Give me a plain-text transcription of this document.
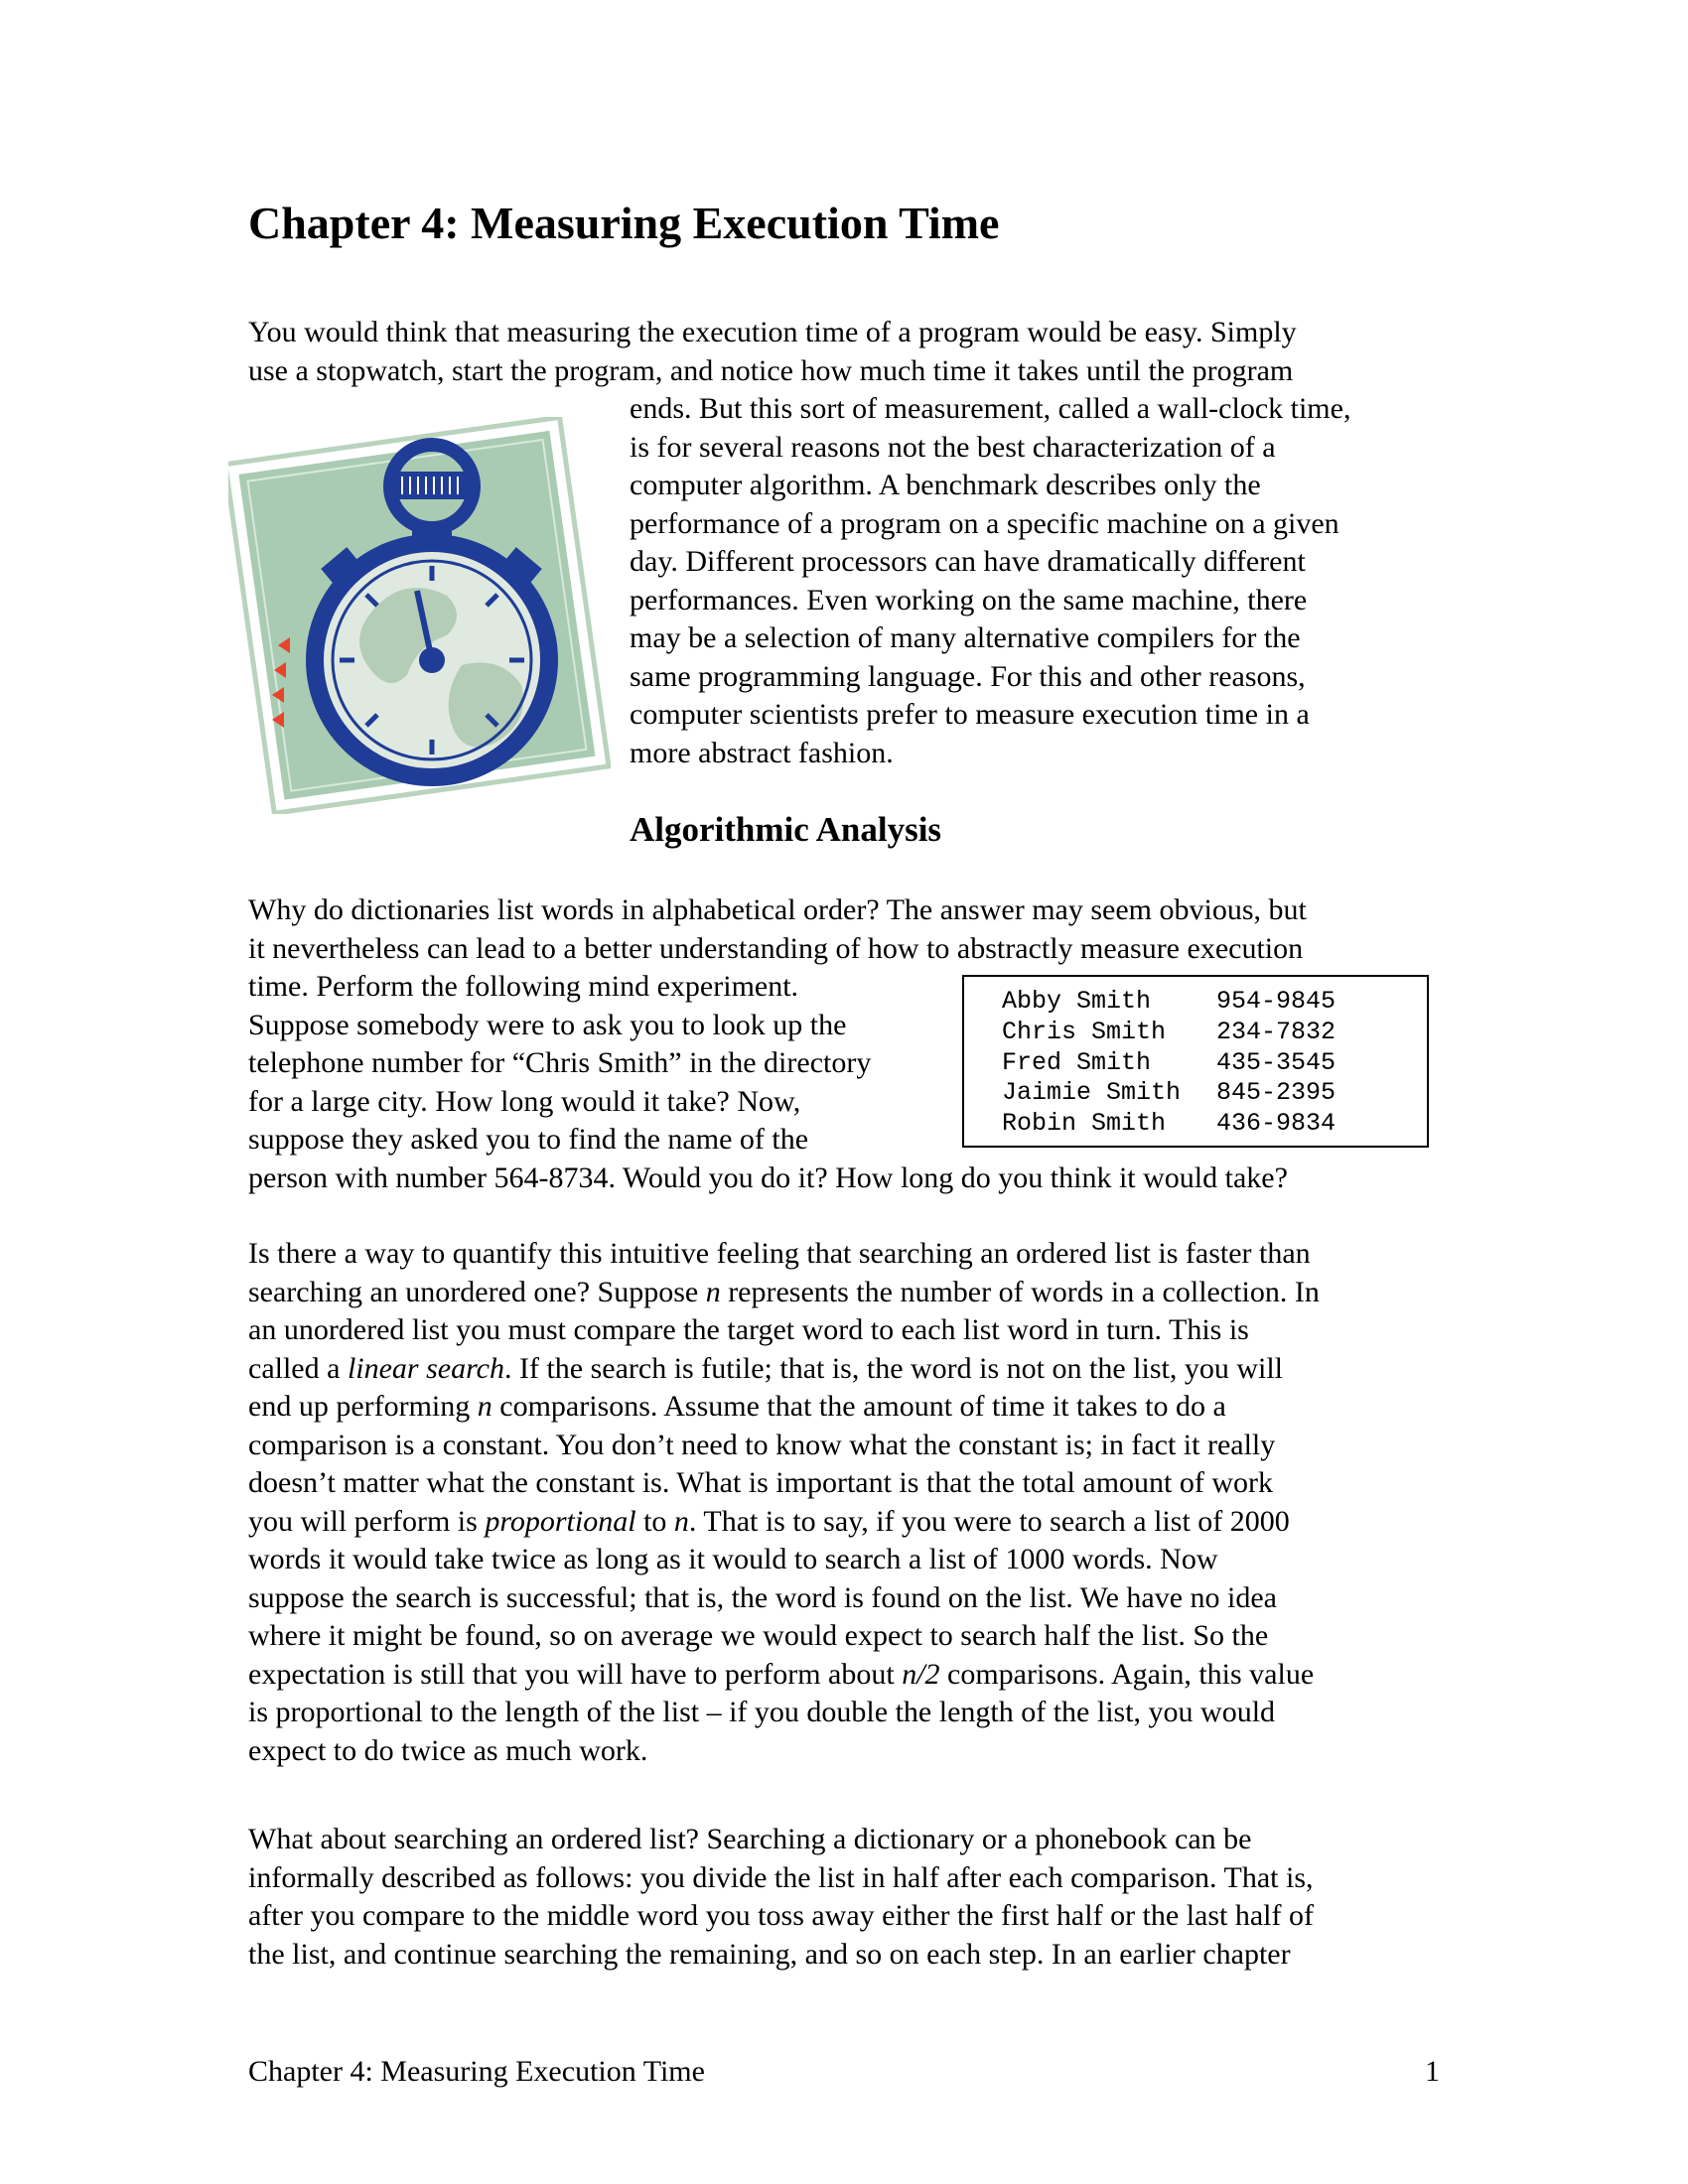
Chapter 4: Measuring Execution Time
You would think that measuring the execution time of a program would be easy. Simply
use a stopwatch, start the program, and notice how much time it takes until the program
ends. But this sort of measurement, called a wall-clock time,
is for several reasons not the best characterization of a
computer algorithm. A benchmark describes only the
performance of a program on a specific machine on a given
day. Different processors can have dramatically different
performances. Even working on the same machine, there
may be a selection of many alternative compilers for the
same programming language. For this and other reasons,
computer scientists prefer to measure execution time in a
more abstract fashion.
Algorithmic Analysis
Why do dictionaries list words in alphabetical order? The answer may seem obvious, but
it nevertheless can lead to a better understanding of how to abstractly measure execution
time. Perform the following mind experiment.
Suppose somebody were to ask you to look up the
telephone number for “Chris Smith” in the directory
for a large city. How long would it take? Now,
suppose they asked you to find the name of the
person with number 564-8734. Would you do it? How long do you think it would take?
Abby Smith	954-9845
Chris Smith	234-7832
Fred Smith	435-3545
Jaimie Smith	845-2395
Robin Smith	436-9834
Is there a way to quantify this intuitive feeling that searching an ordered list is faster than
searching an unordered one? Suppose n represents the number of words in a collection. In
an unordered list you must compare the target word to each list word in turn. This is
called a linear search. If the search is futile; that is, the word is not on the list, you will
end up performing n comparisons. Assume that the amount of time it takes to do a
comparison is a constant. You don’t need to know what the constant is; in fact it really
doesn’t matter what the constant is. What is important is that the total amount of work
you will perform is proportional to n. That is to say, if you were to search a list of 2000
words it would take twice as long as it would to search a list of 1000 words. Now
suppose the search is successful; that is, the word is found on the list. We have no idea
where it might be found, so on average we would expect to search half the list. So the
expectation is still that you will have to perform about n/2 comparisons. Again, this value
is proportional to the length of the list – if you double the length of the list, you would
expect to do twice as much work.
What about searching an ordered list? Searching a dictionary or a phonebook can be
informally described as follows: you divide the list in half after each comparison. That is,
after you compare to the middle word you toss away either the first half or the last half of
the list, and continue searching the remaining, and so on each step. In an earlier chapter
Chapter 4: Measuring Execution Time	1
